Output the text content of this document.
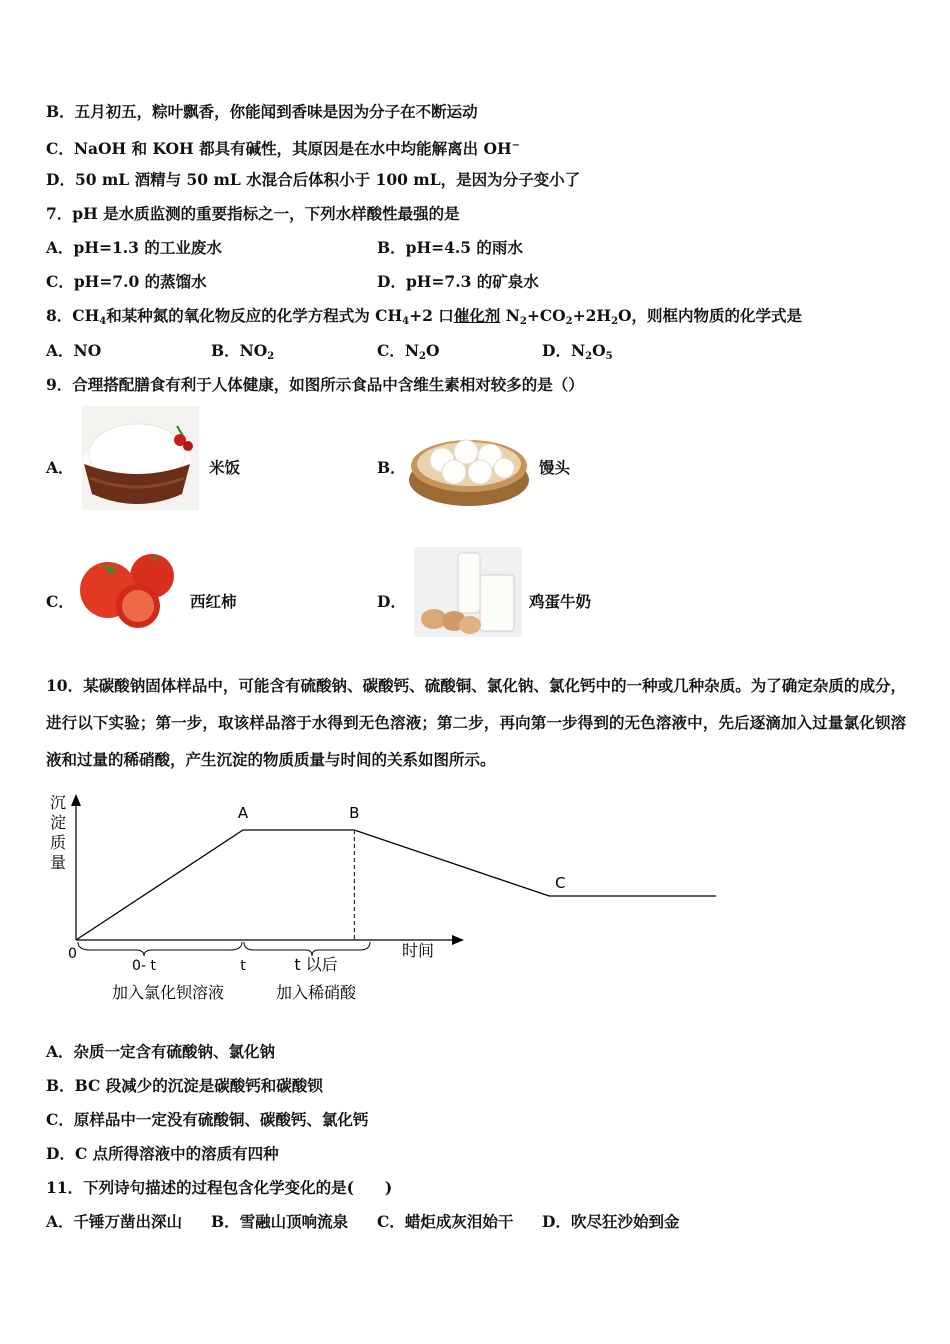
B．五月初五，粽叶飘香，你能闻到香味是因为分子在不断运动
C．NaOH 和 KOH 都具有碱性，其原因是在水中均能解离出 OH−
D．50 mL 酒精与 50 mL 水混合后体积小于 100 mL，是因为分子变小了
7．pH 是水质监测的重要指标之一，下列水样酸性最强的是
A．pH=1.3 的工业废水	B．pH=4.5 的雨水
C．pH=7.0 的蒸馏水	D．pH=7.3 的矿泉水
8．$CH_4$和某种氮的氧化物反应的化学方程式为 $CH_4+2$ 口催化剂 $N_2+CO_2+2H_2O$，则框内物质的化学式是
A．NO	B．$NO_2$	C．$N_2O$	D．$N_2O_5$
9．合理搭配膳食有利于人体健康，如图所示食品中含维生素相对较多的是（）
A．	米饭	B．	馒头
C．	西红柿	D．	鸡蛋牛奶
10．某碳酸钠固体样品中，可能含有硫酸钠、碳酸钙、硫酸铜、氯化钠、氯化钙中的一种或几种杂质。为了确定杂质的成分，进行以下实验；第一步，取该样品溶于水得到无色溶液；第二步，再向第一步得到的无色溶液中，先后逐滴加入过量氯化钡溶液和过量的稀硝酸，产生沉淀的物质质量与时间的关系如图所示。
沉
淀
质
量
时间
0
A	B
C
0- t	t	t 以后
加入氯化钡溶液	加入稀硝酸
A．杂质一定含有硫酸钠、氯化钠
B．BC 段减少的沉淀是碳酸钙和碳酸钡
C．原样品中一定没有硫酸铜、碳酸钙、氯化钙
D．C 点所得溶液中的溶质有四种
11．下列诗句描述的过程包含化学变化的是(　　)
A．千锤万凿出深山 B．雪融山顶响流泉 C．蜡炬成灰泪始干 D．吹尽狂沙始到金
